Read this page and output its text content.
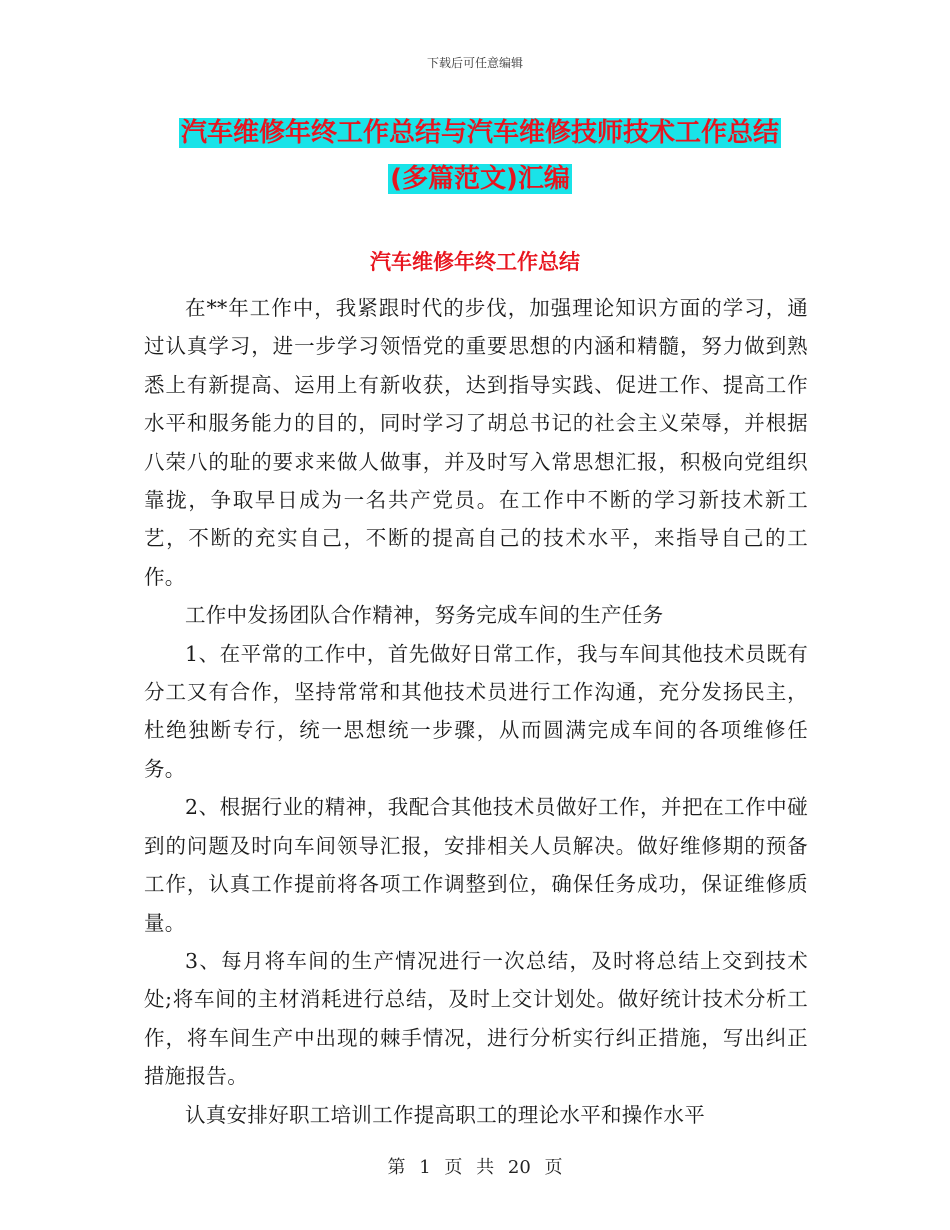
下载后可任意编辑
汽车维修年终工作总结与汽车维修技师技术工作总结
(多篇范文)汇编
汽车维修年终工作总结

在**年工作中，我紧跟时代的步伐，加强理论知识方面的学习，通过认真学习，进一步学习领悟党的重要思想的内涵和精髓，努力做到熟悉上有新提高、运用上有新收获，达到指导实践、促进工作、提高工作水平和服务能力的目的，同时学习了胡总书记的社会主义荣辱，并根据八荣八的耻的要求来做人做事，并及时写入常思想汇报，积极向党组织靠拢，争取早日成为一名共产党员。在工作中不断的学习新技术新工艺，不断的充实自己，不断的提高自己的技术水平，来指导自己的工作。

工作中发扬团队合作精神，努务完成车间的生产任务

1、在平常的工作中，首先做好日常工作，我与车间其他技术员既有分工又有合作，坚持常常和其他技术员进行工作沟通，充分发扬民主，杜绝独断专行，统一思想统一步骤，从而圆满完成车间的各项维修任务。

2、根据行业的精神，我配合其他技术员做好工作，并把在工作中碰到的问题及时向车间领导汇报，安排相关人员解决。做好维修期的预备工作，认真工作提前将各项工作调整到位，确保任务成功，保证维修质量。

3、每月将车间的生产情况进行一次总结，及时将总结上交到技术处;将车间的主材消耗进行总结，及时上交计划处。做好统计技术分析工作，将车间生产中出现的棘手情况，进行分析实行纠正措施，写出纠正措施报告。

认真安排好职工培训工作提高职工的理论水平和操作水平

第 1 页 共 20 页
